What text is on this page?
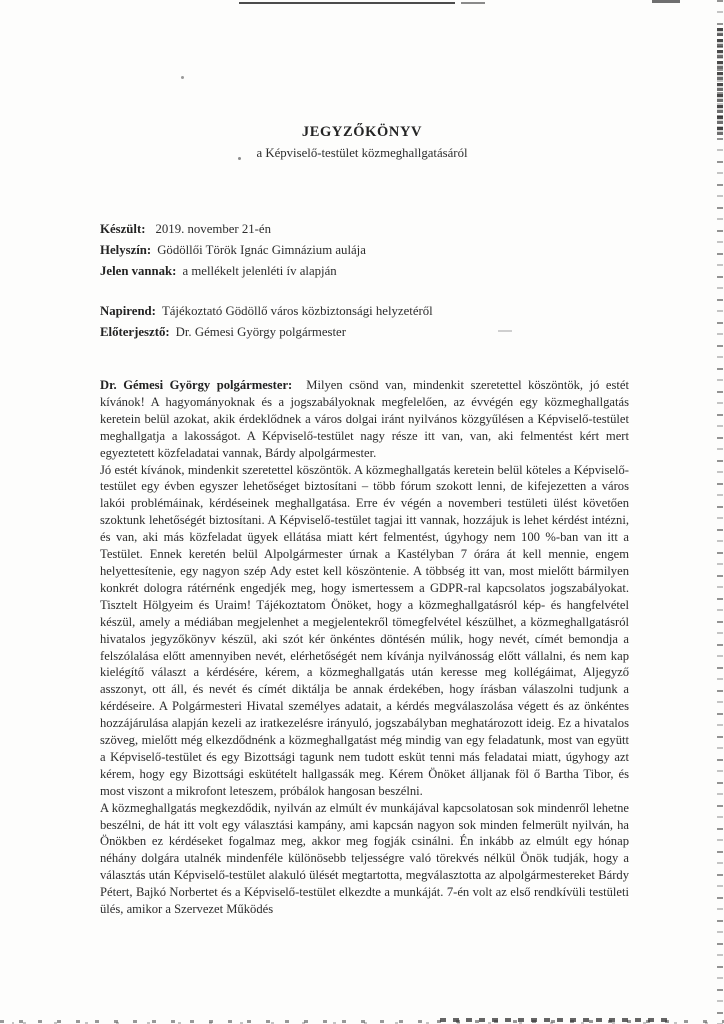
JEGYZŐKÖNYV

a Képviselő-testület közmeghallgatásáról

Készült: 2019. november 21-én
Helyszín: Gödöllői Török Ignác Gimnázium aulája
Jelen vannak: a mellékelt jelenléti ív alapján
Napirend: Tájékoztató Gödöllő város közbiztonsági helyzetéről
Előterjesztő: Dr. Gémesi György polgármester

Dr. Gémesi György polgármester: Milyen csönd van, mindenkit szeretettel köszöntök, jó estét kívánok! A hagyományoknak és a jogszabályoknak megfelelően, az évvégén egy közmeghallgatás keretein belül azokat, akik érdeklődnek a város dolgai iránt nyilvános közgyűlésen a Képviselő-testület meghallgatja a lakosságot. A Képviselő-testület nagy része itt van, van, aki felmentést kért mert egyeztetett közfeladatai vannak, Bárdy alpolgármester.

Jó estét kívánok, mindenkit szeretettel köszöntök. A közmeghallgatás keretein belül köteles a Képviselő-testület egy évben egyszer lehetőséget biztosítani – több fórum szokott lenni, de kifejezetten a város lakói problémáinak, kérdéseinek meghallgatása. Erre év végén a novemberi testületi ülést követően szoktunk lehetőségét biztosítani. A Képviselő-testület tagjai itt vannak, hozzájuk is lehet kérdést intézni, és van, aki más közfeladat ügyek ellátása miatt kért felmentést, úgyhogy nem 100 %-ban van itt a Testület. Ennek keretén belül Alpolgármester úrnak a Kastélyban 7 órára át kell mennie, engem helyettesítenie, egy nagyon szép Ady estet kell köszöntenie. A többség itt van, most mielőtt bármilyen konkrét dologra rátérnénk engedjék meg, hogy ismertessem a GDPR-ral kapcsolatos jogszabályokat. Tisztelt Hölgyeim és Uraim! Tájékoztatom Önöket, hogy a közmeghallgatásról kép- és hangfelvétel készül, amely a médiában megjelenhet a megjelentekről tömegfelvétel készülhet, a közmeghallgatásról hivatalos jegyzőkönyv készül, aki szót kér önkéntes döntésén múlik, hogy nevét, címét bemondja a felszólalása előtt amennyiben nevét, elérhetőségét nem kívánja nyilvánosság előtt vállalni, és nem kap kielégítő választ a kérdésére, kérem, a közmeghallgatás után keresse meg kollégáimat, Aljegyző asszonyt, ott áll, és nevét és címét diktálja be annak érdekében, hogy írásban válaszolni tudjunk a kérdéseire. A Polgármesteri Hivatal személyes adatait, a kérdés megválaszolása végett és az önkéntes hozzájárulása alapján kezeli az iratkezelésre irányuló, jogszabályban meghatározott ideig. Ez a hivatalos szöveg, mielőtt még elkezdődnénk a közmeghallgatást még mindig van egy feladatunk, most van együtt a Képviselő-testület és egy Bizottsági tagunk nem tudott esküt tenni más feladatai miatt, úgyhogy azt kérem, hogy egy Bizottsági eskütételt hallgassák meg. Kérem Önöket álljanak föl ő Bartha Tibor, és most viszont a mikrofont leteszem, próbálok hangosan beszélni.

A közmeghallgatás megkezdődik, nyilván az elmúlt év munkájával kapcsolatosan sok mindenről lehetne beszélni, de hát itt volt egy választási kampány, ami kapcsán nagyon sok minden felmerült nyilván, ha Önökben ez kérdéseket fogalmaz meg, akkor meg fogják csinálni. Én inkább az elmúlt egy hónap néhány dolgára utalnék mindenféle különösebb teljességre való törekvés nélkül Önök tudják, hogy a választás után Képviselő-testület alakuló ülését megtartotta, megválasztotta az alpolgármestereket Bárdy Pétert, Bajkó Norbertet és a Képviselő-testület elkezdte a munkáját. 7-én volt az első rendkívüli testületi ülés, amikor a Szervezet Működés
